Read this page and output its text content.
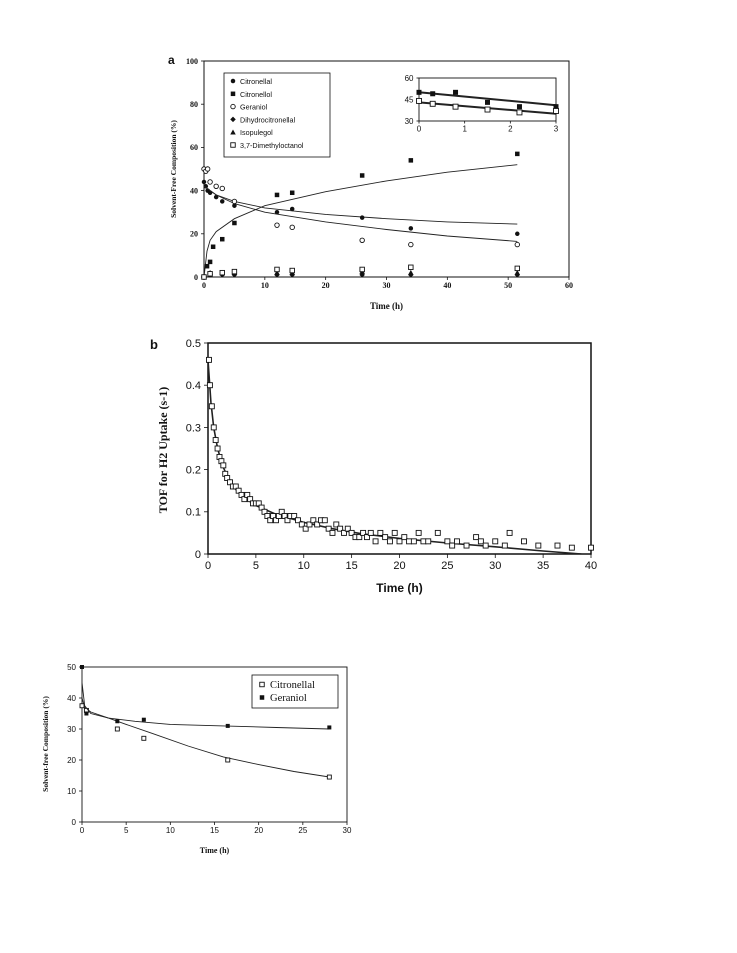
0	10	20	30	40	50	60
0
20
40
60
80
100
a
Time (h)
Solvent-Free Composition (%)
Citronellal
Citronellol
Geraniol
Dihydrocitronellal
Isopulegol
3,7-Dimethyloctanol
0	1	2	3
30
45
60
0	5	10	15	20	25	30	35	40
0
0.1
0.2
0.3
0.4
0.5
b
Time (h)
TOF for H2 Uptake (s-1)
0	5	10	15	20	25	30
0
10
20
30
40
50
Time (h)
Solvent-free Composition (%)
Citronellal
Geraniol
